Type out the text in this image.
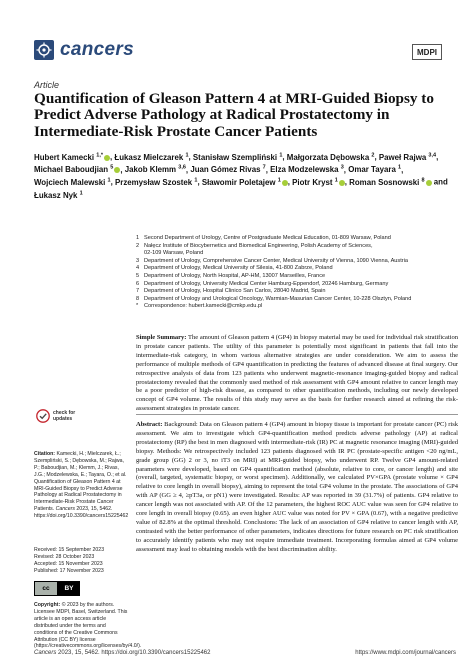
cancers	MDPI
Article
Quantification of Gleason Pattern 4 at MRI-Guided Biopsy to Predict Adverse Pathology at Radical Prostatectomy in Intermediate-Risk Prostate Cancer Patients
Hubert Kamecki $^{1,*}$ , Łukasz Mielczarek $^1$, Stanisław Szempliński $^1$, Małgorzata Dębowska $^2$, Paweł Rajwa $^{3,4}$, Michael Baboudjian $^5$ , Jakob Klemm $^{3,6}$, Juan Gómez Rivas $^7$, Elza Modzelewska $^3$, Omar Tayara $^1$, Wojciech Malewski $^1$, Przemysław Szostek $^1$, Sławomir Poletajew $^1$ , Piotr Kryst $^1$ , Roman Sosnowski $^8$ and Łukasz Nyk $^1$
1 Second Department of Urology, Centre of Postgraduate Medical Education, 01-809 Warsaw, Poland
2 Nałęcz Institute of Biocybernetics and Biomedical Engineering, Polish Academy of Sciences,
02-109 Warsaw, Poland
3 Department of Urology, Comprehensive Cancer Center, Medical University of Vienna, 1090 Vienna, Austria
4 Department of Urology, Medical University of Silesia, 41-800 Zabrze, Poland
5 Department of Urology, North Hospital, AP-HM, 13007 Marseilles, France
6 Department of Urology, University Medical Center Hamburg-Eppendorf, 20246 Hamburg, Germany
7 Department of Urology, Hospital Clinico San Carlos, 28040 Madrid, Spain
8 Department of Urology and Urological Oncology, Warmian-Masurian Cancer Center, 10-228 Olsztyn, Poland
*	Correspondence: hubert.kamecki@cmkp.edu.pl
check for
updates
Citation: Kamecki, H.; Mielczarek, Ł.; Szempliński, S.; Dębowska, M.; Rajwa, P.; Baboudjian, M.; Klemm, J.; Rivas, J.G.; Modzelewska, E.; Tayara, O.; et al. Quantification of Gleason Pattern 4 at MRI-Guided Biopsy to Predict Adverse Pathology at Radical Prostatectomy in Intermediate-Risk Prostate Cancer Patients. Cancers 2023, 15, 5462. https://doi.org/10.3390/cancers15225462
Received: 15 September 2023
Revised: 28 October 2023
Accepted: 15 November 2023
Published: 17 November 2023
cc	BY
Copyright: © 2023 by the authors. Licensee MDPI, Basel, Switzerland. This article is an open access article distributed under the terms and conditions of the Creative Commons Attribution (CC BY) license (https://creativecommons.org/licenses/by/4.0/).
Simple Summary: The amount of Gleason pattern 4 (GP4) in biopsy material may be used for individual risk stratification in prostate cancer patients. The utility of this parameter is potentially most significant in patients that fall into the intermediate-risk category, in whom various alternative strategies are under consideration. We aim to assess the performance of multiple methods of GP4 quantification in predicting the features of advanced disease at final surgery. Our retrospective analysis of data from 123 patients who underwent magnetic-resonance imaging-guided biopsy and radical prostatectomy revealed that the commonly used method of risk assessment with GP4 amount relative to cancer length may be a poor predictor of high-risk disease, as compared to other quantification methods, including our newly developed concept of GP4 volume. The results of this study may serve as the basis for further research aimed at refining the risk-assessment strategies in prostate cancer.
Abstract: Background: Data on Gleason pattern 4 (GP4) amount in biopsy tissue is important for prostate cancer (PC) risk assessment. We aim to investigate which GP4-quantification method predicts adverse pathology (AP) at radical prostatectomy (RP) the best in men diagnosed with intermediate-risk (IR) PC at magnetic resonance imaging (MRI)-guided biopsy. Methods: We retrospectively included 123 patients diagnosed with IR PC (prostate-specific antigen <20 ng/mL, grade group (GG) 2 or 3, no iT3 on MRI) at MRI-guided biopsy, who underwent RP. Twelve GP4 amount-related parameters were developed, based on GP4 quantification method (absolute, relative to core, or cancer length) and site (overall, targeted, systematic biopsy, or worst specimen). Additionally, we calculated PV×GPA (prostate volume × GP4 relative to core length in overall biopsy), aiming to represent the total GP4 volume in the prostate. The associations of GP4 with AP (GG ≥ 4, ≥pT3a, or pN1) were investigated. Results: AP was reported in 39 (31.7%) of patients. GP4 relative to cancer length was not associated with AP. Of the 12 parameters, the highest ROC AUC value was seen for GP4 relative to core length in overall biopsy (0.65). an even higher AUC value was noted for PV × GPA (0.67), with a negative predictive value of 82.8% at the optimal threshold. Conclusions: The lack of an association of GP4 relative to cancer length with AP, contrasted with the better performance of other parameters, indicates directions for future research on PC risk stratification to accurately identify patients who may not require immediate treatment. Incorporating formulas aimed at GP4 volume assessment may lead to obtaining models with the best discrimination ability.
Cancers 2023, 15, 5462. https://doi.org/10.3390/cancers15225462	https://www.mdpi.com/journal/cancers
